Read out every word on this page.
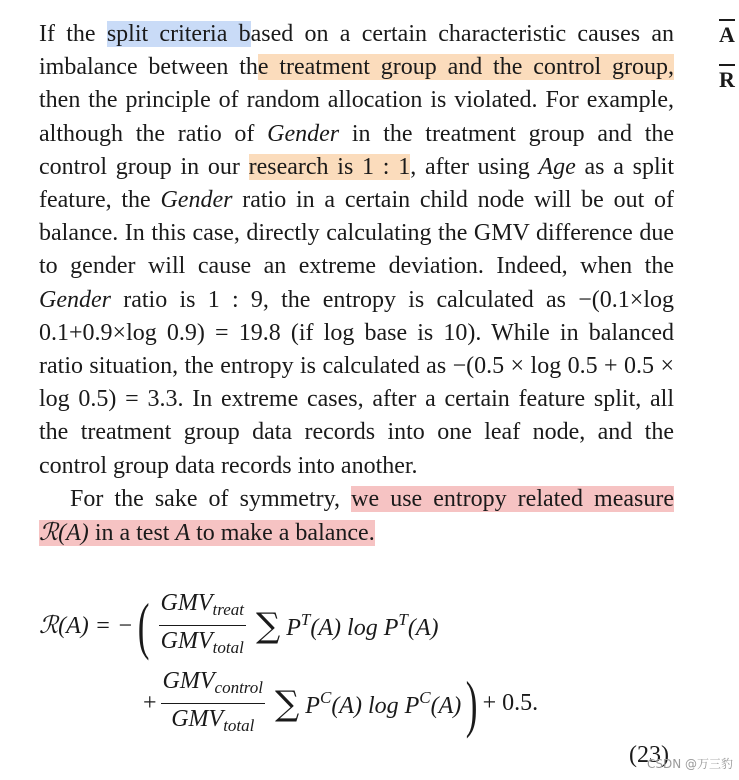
If the split criteria based on a certain characteristic causes an imbalance between the treatment group and the control group, then the principle of random allocation is violated. For example, although the ratio of Gender in the treatment group and the control group in our research is 1 : 1, after using Age as a split feature, the Gender ratio in a certain child node will be out of balance. In this case, directly calculating the GMV difference due to gender will cause an extreme deviation. Indeed, when the Gender ratio is 1 : 9, the entropy is calculated as −(0.1×log 0.1+0.9×log 0.9) = 19.8 (if log base is 10). While in balanced ratio situation, the entropy is calculated as −(0.5 × log 0.5 + 0.5 × log 0.5) = 3.3. In extreme cases, after a certain feature split, all the treatment group data records into one leaf node, and the control group data records into another.

For the sake of symmetry, we use entropy related measure ℛ(A) in a test A to make a balance.

ℛ(A) = − ( $\frac{GMV_{treat}}{GMV_{total}}$ ∑ $P^T(A)$ $\log P^T(A)$
+ $\frac{GMV_{control}}{GMV_{total}}$ ∑ $P^C(A)$ $\log P^C(A)$ ) + 0.5.
(23)
A
R
CSDN @万三豹
